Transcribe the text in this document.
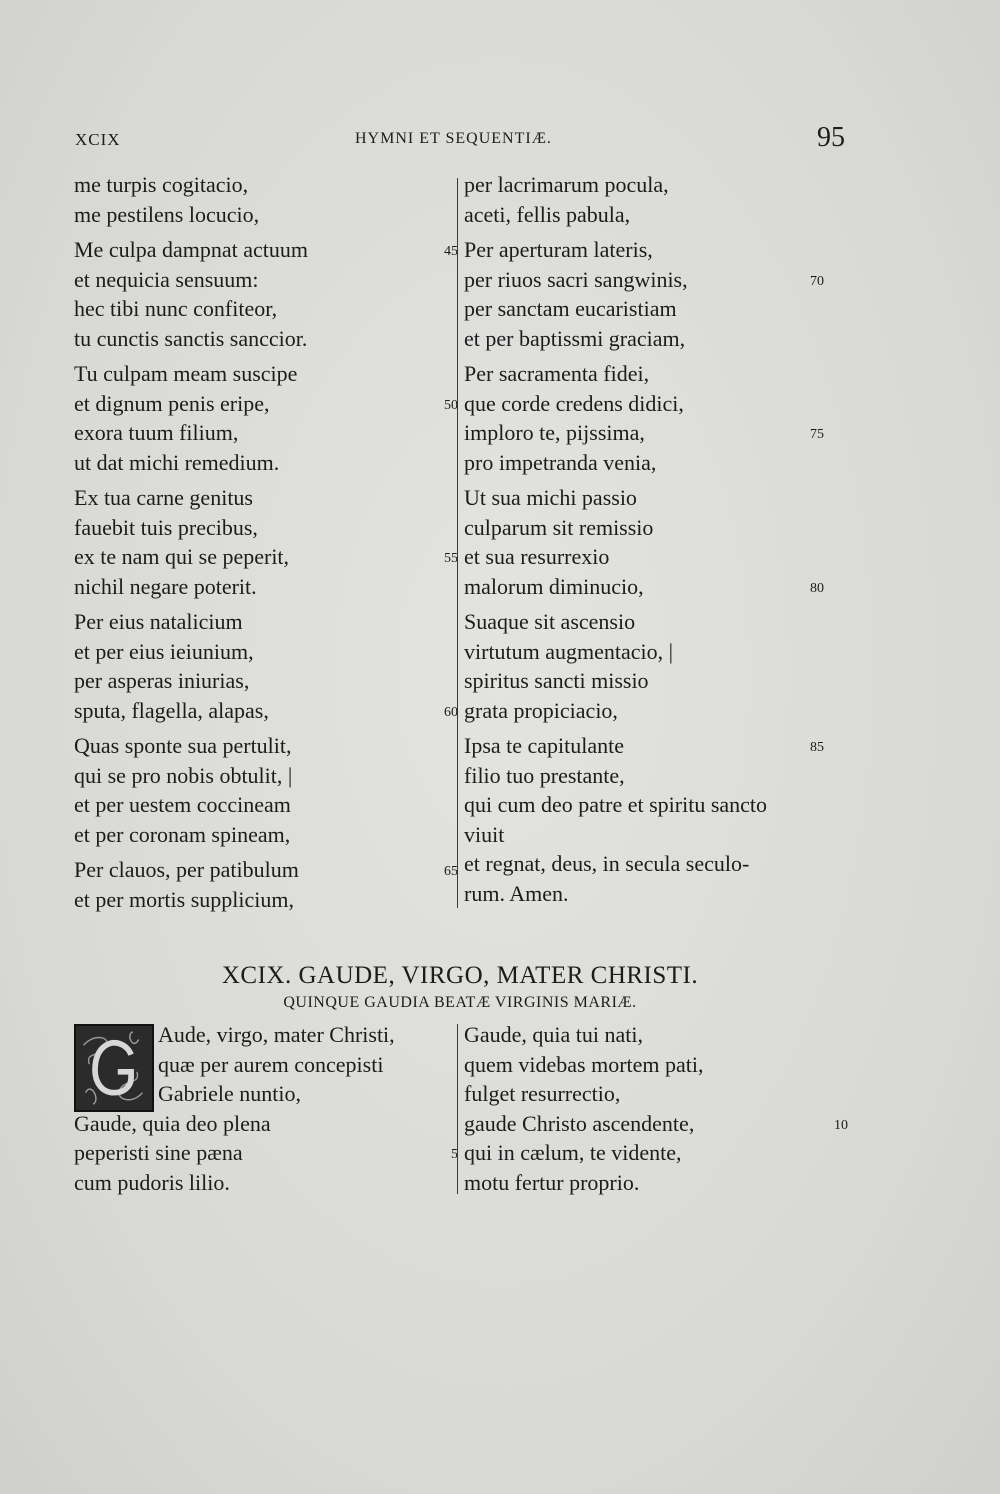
XCIX	HYMNI ET SEQUENTIÆ.	95
me turpis cogitacio,
me pestilens locucio,
Me culpa dampnat actuum	45
et nequicia sensuum:
hec tibi nunc confiteor,
tu cunctis sanctis sanccior.
Tu culpam meam suscipe
et dignum penis eripe,	50
exora tuum filium,
ut dat michi remedium.
Ex tua carne genitus
fauebit tuis precibus,
ex te nam qui se peperit,	55
nichil negare poterit.
Per eius natalicium
et per eius ieiunium,
per asperas iniurias,
sputa, flagella, alapas,	60
Quas sponte sua pertulit,
qui se pro nobis obtulit, |
et per uestem coccineam
et per coronam spineam,
Per clauos, per patibulum	65
et per mortis supplicium,
per lacrimarum pocula,
aceti, fellis pabula,
Per aperturam lateris,
per riuos sacri sangwinis,	70
per sanctam eucaristiam
et per baptissmi graciam,
Per sacramenta fidei,
que corde credens didici,
imploro te, pijssima,	75
pro impetranda venia,
Ut sua michi passio
culparum sit remissio
et sua resurrexio
malorum diminucio,	80
Suaque sit ascensio
virtutum augmentacio, |
spiritus sancti missio
grata propiciacio,
Ipsa te capitulante	85
filio tuo prestante,
qui cum deo patre et spiritu sancto
viuit
et regnat, deus, in secula seculo-
rum. Amen.
XCIX. GAUDE, VIRGO, MATER CHRISTI.
QUINQUE GAUDIA BEATÆ VIRGINIS MARIÆ.
Aude, virgo, mater Christi,
quæ per aurem concepisti
Gabriele nuntio,
Gaude, quia deo plena
peperisti sine pæna	5
cum pudoris lilio.
Gaude, quia tui nati,
quem videbas mortem pati,
fulget resurrectio,
gaude Christo ascendente,	10
qui in cælum, te vidente,
motu fertur proprio.
